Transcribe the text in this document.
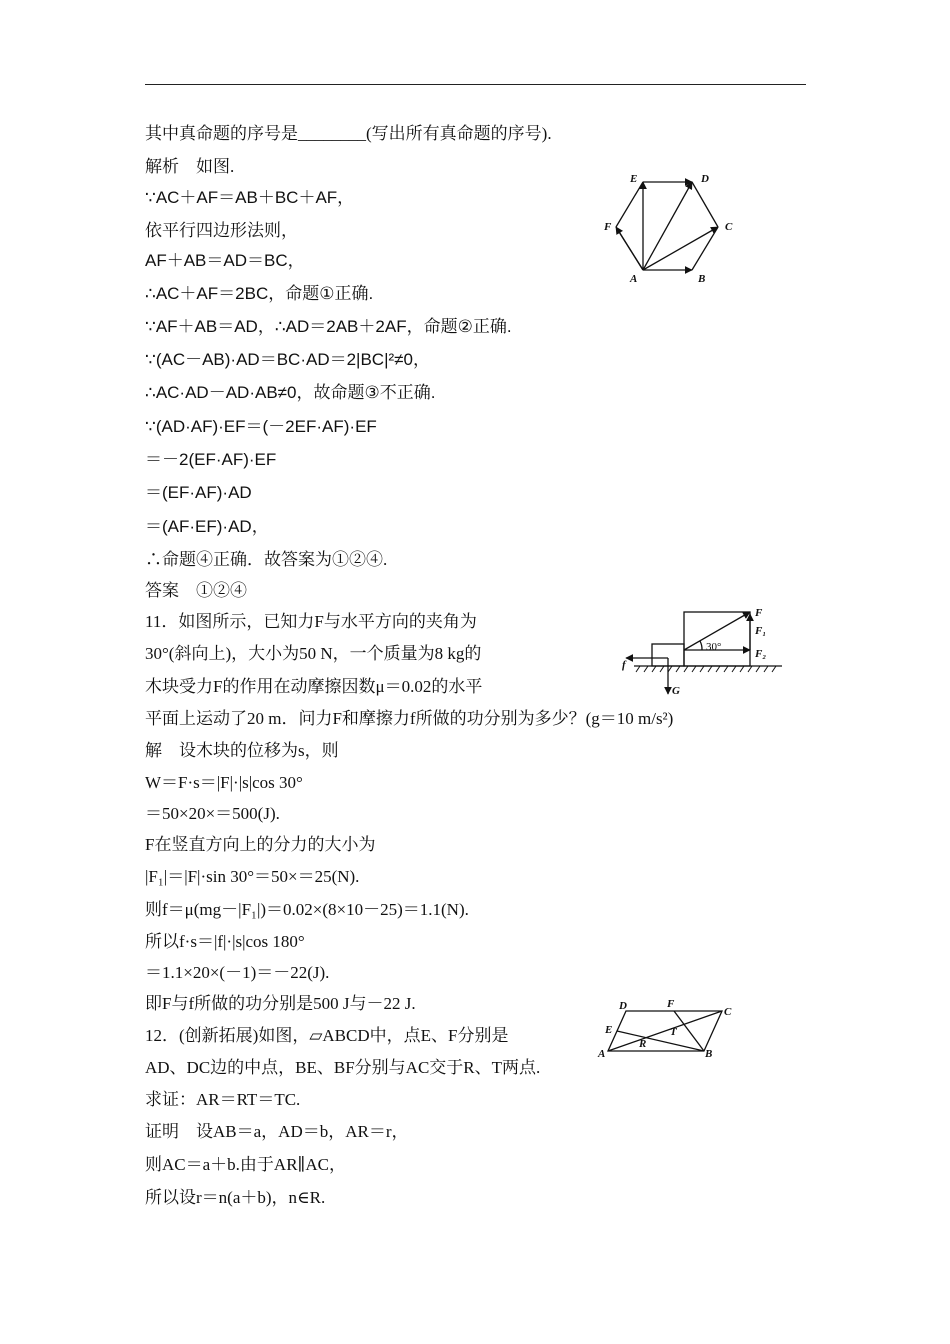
其中真命题的序号是________(写出所有真命题的序号).
解析　如图.
∵AC＋AF＝AB＋BC＋AF，
依平行四边形法则，
AF＋AB＝AD＝BC，
∴AC＋AF＝2BC，命题①正确.
∵AF＋AB＝AD，∴AD＝2AB＋2AF，命题②正确.
∵(AC－AB)·AD＝BC·AD＝2|BC|²≠0，
∴AC·AD－AD·AB≠0，故命题③不正确.
∵(AD·AF)·EF＝(－2EF·AF)·EF
＝－2(EF·AF)·EF
＝(EF·AF)·AD
＝(AF·EF)·AD，
∴命题④正确．故答案为①②④.
答案　①②④
11．如图所示，已知力F与水平方向的夹角为
30°(斜向上)，大小为50 N，一个质量为8 kg的
木块受力F的作用在动摩擦因数μ＝0.02的水平
平面上运动了20 m．问力F和摩擦力f所做的功分别为多少？(g＝10 m/s²)
解　设木块的位移为s，则
W＝F·s＝|F|·|s|cos 30°
＝50×20×＝500(J).
F在竖直方向上的分力的大小为
|F₁|＝|F|·sin 30°＝50×＝25(N).
则f＝μ(mg－|F₁|)＝0.02×(8×10－25)＝1.1(N).
所以f·s＝|f|·|s|cos 180°
＝1.1×20×(－1)＝－22(J).
即F与f所做的功分别是500 J与－22 J.
12．(创新拓展)如图，▱ABCD中，点E、F分别是
AD、DC边的中点，BE、BF分别与AC交于R、T两点.
求证：AR＝RT＝TC.
证明　设AB＝a，AD＝b，AR＝r，
则AC＝a＋b.由于AR∥AC，
所以设r＝n(a＋b)，n∈R.
A	B
C
D
E
F
F
F₁
F₂
f
G
30°
A	B
C
D
E
F
R
T
